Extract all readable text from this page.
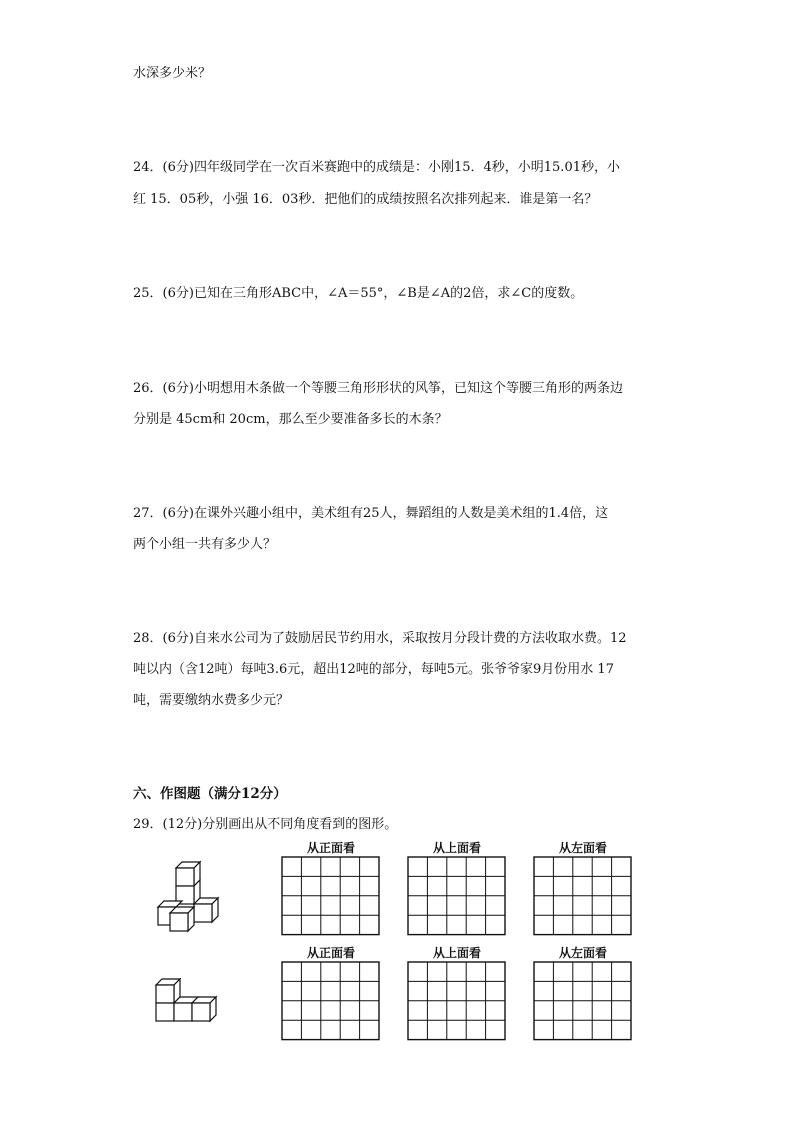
水深多少米？
24．(6分)四年级同学在一次百米赛跑中的成绩是：小刚15．4秒，小明15.01秒，小
红 15．05秒，小强 16．03秒．把他们的成绩按照名次排列起来．谁是第一名？
25．(6分)已知在三角形ABC中，∠A＝55°，∠B是∠A的2倍，求∠C的度数。
26．(6分)小明想用木条做一个等腰三角形形状的风筝，已知这个等腰三角形的两条边
分别是 45cm和 20cm，那么至少要准备多长的木条？
27．(6分)在课外兴趣小组中，美术组有25人，舞蹈组的人数是美术组的1.4倍，这
两个小组一共有多少人？
28．(6分)自来水公司为了鼓励居民节约用水，采取按月分段计费的方法收取水费。12
吨以内（含12吨）每吨3.6元，超出12吨的部分，每吨5元。张爷爷家9月份用水 17
吨，需要缴纳水费多少元？
六、作图题（满分12分）
29．(12分)分别画出从不同角度看到的图形。
从正面看	从上面看	从左面看
从正面看	从上面看	从左面看
